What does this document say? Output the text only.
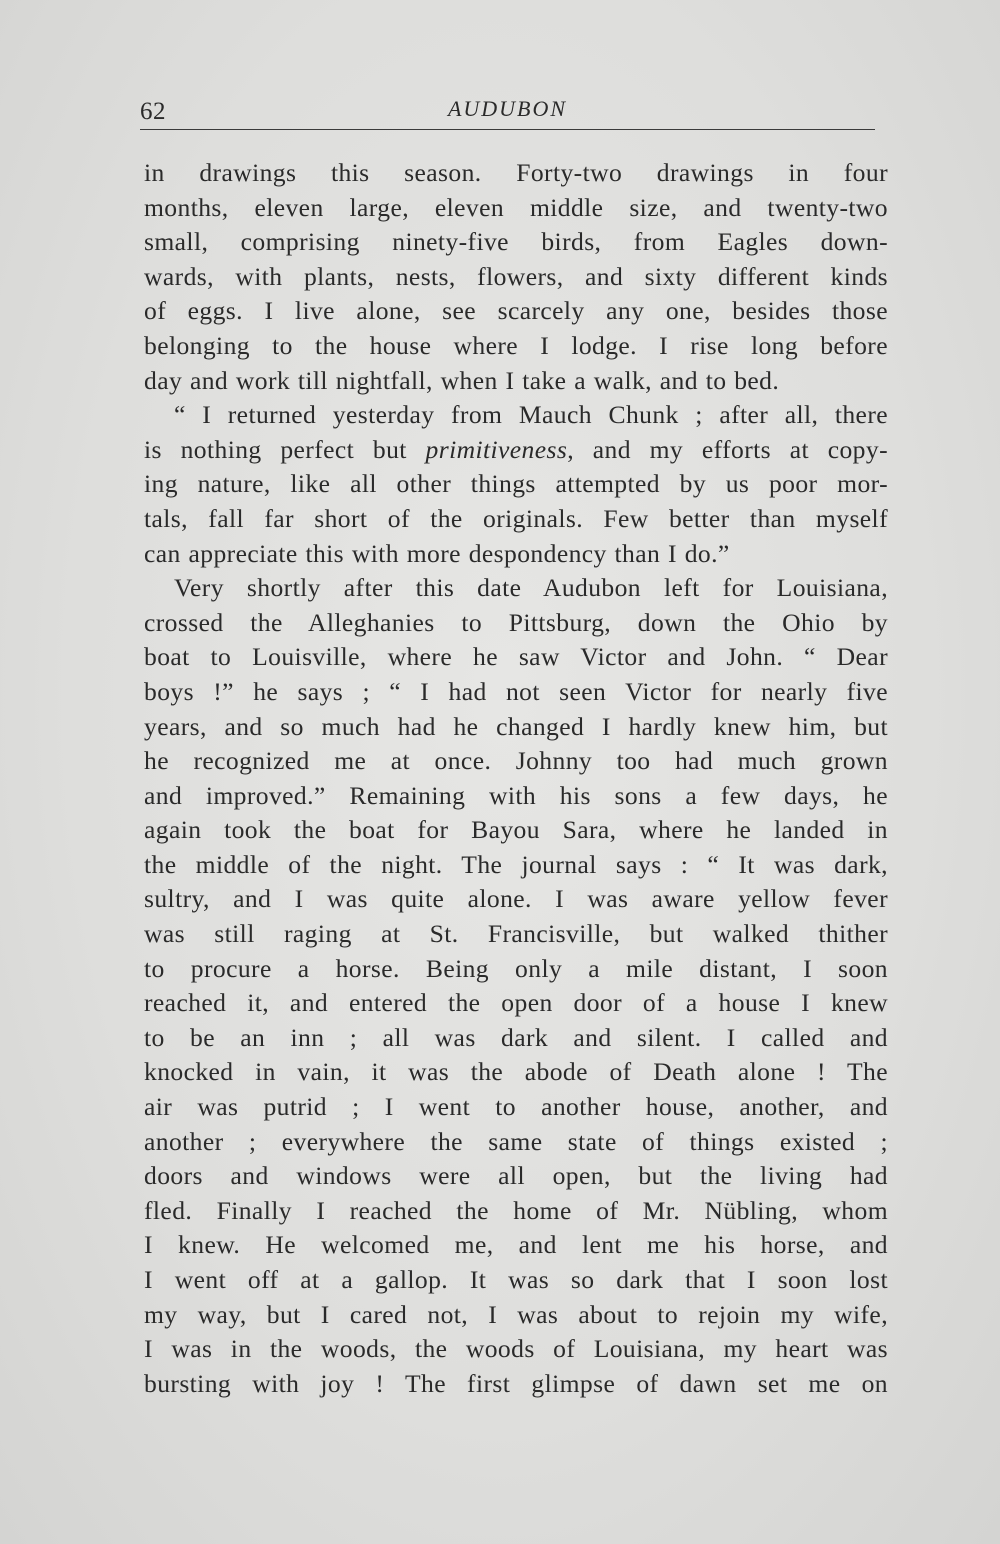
62	AUDUBON
in drawings this season. Forty-two drawings in four
months, eleven large, eleven middle size, and twenty-two
small, comprising ninety-five birds, from Eagles down-
wards, with plants, nests, flowers, and sixty different kinds
of eggs. I live alone, see scarcely any one, besides those
belonging to the house where I lodge. I rise long before
day and work till nightfall, when I take a walk, and to bed.
“ I returned yesterday from Mauch Chunk ; after all, there
is nothing perfect but primitiveness, and my efforts at copy-
ing nature, like all other things attempted by us poor mor-
tals, fall far short of the originals. Few better than myself
can appreciate this with more despondency than I do.”
Very shortly after this date Audubon left for Louisiana,
crossed the Alleghanies to Pittsburg, down the Ohio by
boat to Louisville, where he saw Victor and John. “ Dear
boys !” he says ; “ I had not seen Victor for nearly five
years, and so much had he changed I hardly knew him, but
he recognized me at once. Johnny too had much grown
and improved.” Remaining with his sons a few days, he
again took the boat for Bayou Sara, where he landed in
the middle of the night. The journal says : “ It was dark,
sultry, and I was quite alone. I was aware yellow fever
was still raging at St. Francisville, but walked thither
to procure a horse. Being only a mile distant, I soon
reached it, and entered the open door of a house I knew
to be an inn ; all was dark and silent. I called and
knocked in vain, it was the abode of Death alone ! The
air was putrid ; I went to another house, another, and
another ; everywhere the same state of things existed ;
doors and windows were all open, but the living had
fled. Finally I reached the home of Mr. Nübling, whom
I knew. He welcomed me, and lent me his horse, and
I went off at a gallop. It was so dark that I soon lost
my way, but I cared not, I was about to rejoin my wife,
I was in the woods, the woods of Louisiana, my heart was
bursting with joy ! The first glimpse of dawn set me on
